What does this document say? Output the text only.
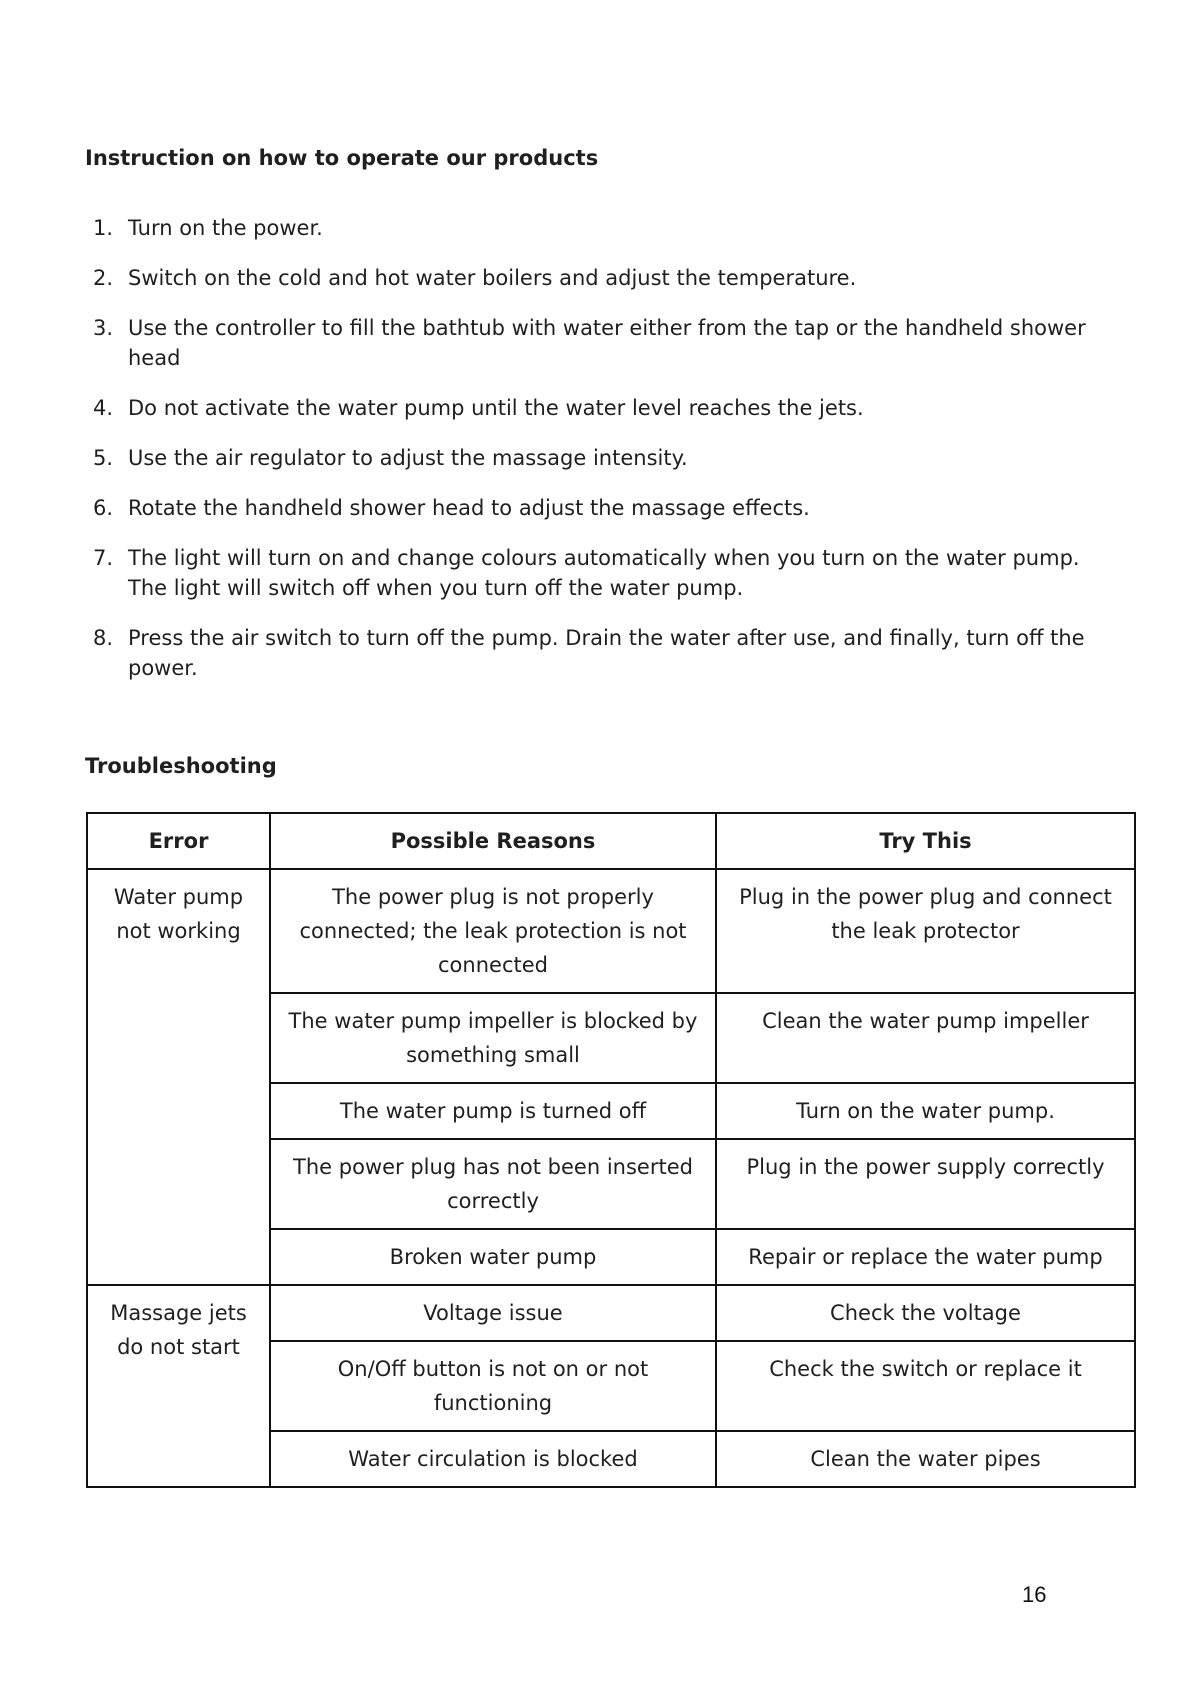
Instruction on how to operate our products
1. Turn on the power.
2. Switch on the cold and hot water boilers and adjust the temperature.
3. Use the controller to fill the bathtub with water either from the tap or the handheld shower head
4. Do not activate the water pump until the water level reaches the jets.
5. Use the air regulator to adjust the massage intensity.
6. Rotate the handheld shower head to adjust the massage effects.
7. The light will turn on and change colours automatically when you turn on the water pump. The light will switch off when you turn off the water pump.
8. Press the air switch to turn off the pump. Drain the water after use, and finally, turn off the power.
Troubleshooting
Error	Possible Reasons	Try This
Water pump not working	The power plug is not properly connected; the leak protection is not connected	Plug in the power plug and connect the leak protector
	The water pump impeller is blocked by something small	Clean the water pump impeller
	The water pump is turned off	Turn on the water pump.
	The power plug has not been inserted correctly	Plug in the power supply correctly
	Broken water pump	Repair or replace the water pump
Massage jets do not start	Voltage issue	Check the voltage
	On/Off button is not on or not functioning	Check the switch or replace it
	Water circulation is blocked	Clean the water pipes
16
